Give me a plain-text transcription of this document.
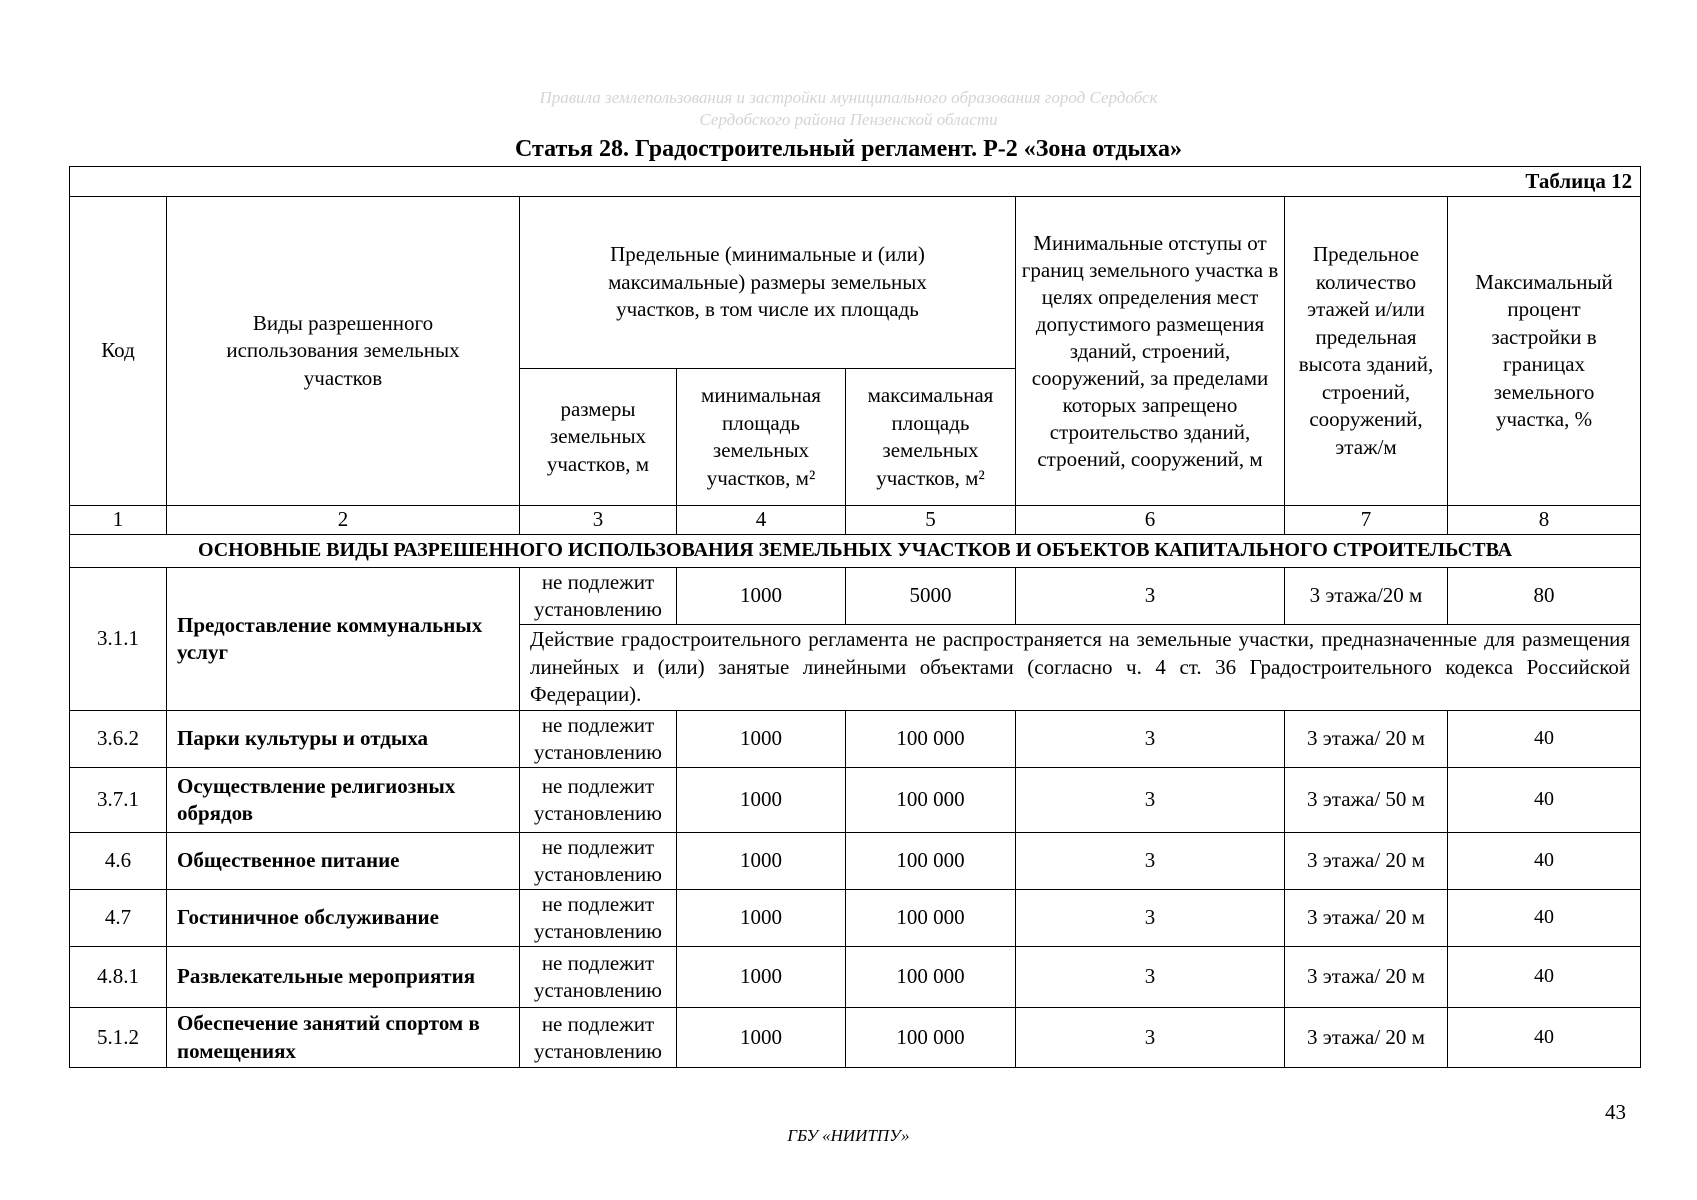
Правила землепользования и застройки муниципального образования город Сердобск
Сердобского района Пензенской области
Статья 28. Градостроительный регламент. Р-2 «Зона отдыха»
Таблица 12							
Код	Виды разрешенного использования земельных участков	Предельные (минимальные и (или) максимальные) размеры земельных участков, в том числе их площадь			Минимальные отступы от границ земельного участка в целях определения мест допустимого размещения зданий, строений, сооружений, за пределами которых запрещено строительство зданий, строений, сооружений, м	Предельное количество этажей и/или предельная высота зданий, строений, сооружений, этаж/м	Максимальный процент застройки в границах земельного участка, %
		размеры земельных участков, м	минимальная площадь земельных участков, м²	максимальная площадь земельных участков, м²			
1	2	3	4	5	6	7	8
ОСНОВНЫЕ ВИДЫ РАЗРЕШЕННОГО ИСПОЛЬЗОВАНИЯ ЗЕМЕЛЬНЫХ УЧАСТКОВ И ОБЪЕКТОВ КАПИТАЛЬНОГО СТРОИТЕЛЬСТВА							
3.1.1	Предоставление коммунальных услуг	не подлежит установлению	1000	5000	3	3 этажа/20 м	80
		Действие градостроительного регламента не распространяется на земельные участки, предназначенные для размещения линейных и (или) занятые линейными объектами (согласно ч. 4 ст. 36 Градостроительного кодекса Российской Федерации).					
3.6.2	Парки культуры и отдыха	не подлежит установлению	1000	100 000	3	3 этажа/ 20 м	40
3.7.1	Осуществление религиозных обрядов	не подлежит установлению	1000	100 000	3	3 этажа/ 50 м	40
4.6	Общественное питание	не подлежит установлению	1000	100 000	3	3 этажа/ 20 м	40
4.7	Гостиничное обслуживание	не подлежит установлению	1000	100 000	3	3 этажа/ 20 м	40
4.8.1	Развлекательные мероприятия	не подлежит установлению	1000	100 000	3	3 этажа/ 20 м	40
5.1.2	Обеспечение занятий спортом в помещениях	не подлежит установлению	1000	100 000	3	3 этажа/ 20 м	40
43
ГБУ «НИИТПУ»
